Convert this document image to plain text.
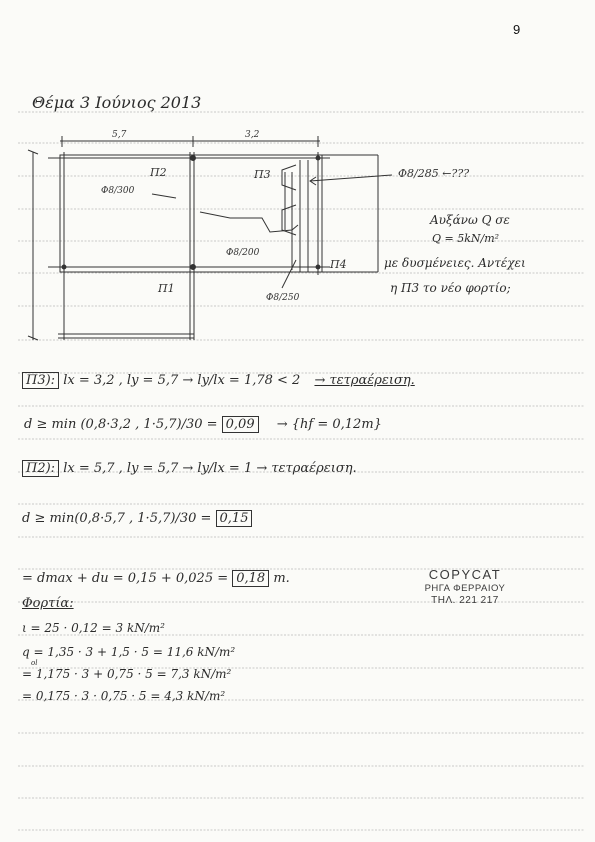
9
Θέμα 3 Ιούνιος 2013
5,7	3,2
Π2	Π3
Φ8/300
Φ8/200
Π4
Π1
Φ8/250
Φ8/285 ←???
Αυξάνω Q σε
Q = 5kN/m²
με δυσμένειες. Αντέχει
η Π3 το νέο φορτίο;
Π3): lx = 3,2 , ly = 5,7 → ly/lx = 1,78 < 2 → τετραέρειση.
d ≥ min (0,8·3,2 , 1·5,7)/30 = 0,09 → {hf = 0,12m}
Π2): lx = 5,7 , ly = 5,7 → ly/lx = 1 → τετραέρειση.
d ≥ min(0,8·5,7 , 1·5,7)/30 = 0,15
= dmax + du = 0,15 + 0,025 = 0,18 m.
Φορτία:
ι = 25 · 0,12 = 3 kN/m²
q = 1,35 · 3 + 1,5 · 5 = 11,6 kN/m²
ol
= 1,175 · 3 + 0,75 · 5 = 7,3 kN/m²
= 0,175 · 3 · 0,75 · 5 = 4,3 kN/m²
COPYCAT
ΡΗΓΑ ΦΕΡΡΑΙΟΥ
ΤΗΛ. 221 217
